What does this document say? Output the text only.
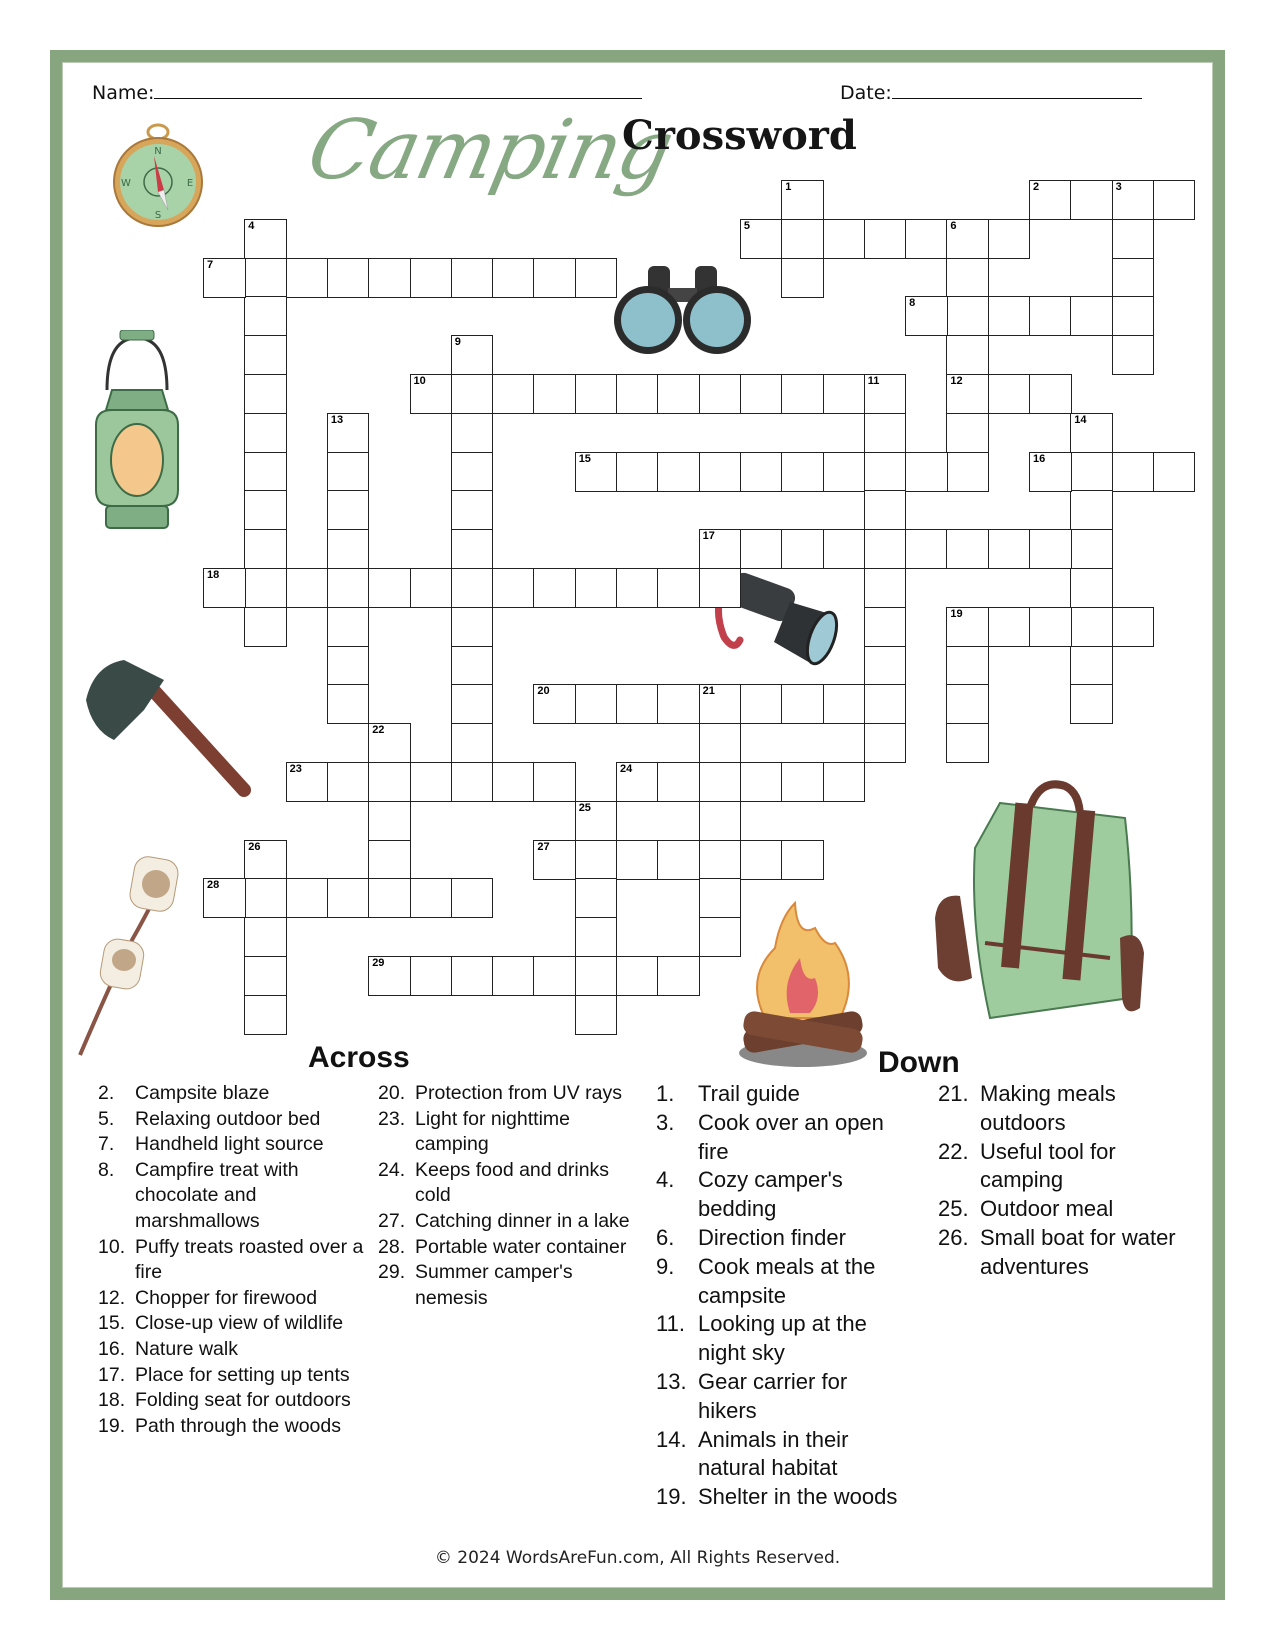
Name:	Date:
Camping
Crossword
N
S
E
W	1	2	3
4	5	6
12
7
8
9
10	11
13	14
15	16
17
18
19
20	21
22
23	24
25
26	27
28
29
Across	Down
2.	Campsite blaze
5.	Relaxing outdoor bed
7.	Handheld light source
8.	Campfire treat with chocolate and marshmallows
10. Puffy treats roasted over a fire
12. Chopper for firewood
15. Close-up view of wildlife
16. Nature walk
17. Place for setting up tents
18. Folding seat for outdoors
19. Path through the woods
20. Protection from UV rays
23. Light for nighttime camping
24. Keeps food and drinks cold
27. Catching dinner in a lake
28. Portable water container
29. Summer camper's nemesis
1.	Trail guide
3.	Cook over an open fire
4.	Cozy camper's bedding
6.	Direction finder
9.	Cook meals at the campsite
11. Looking up at the night sky
13. Gear carrier for hikers
14. Animals in their natural habitat
19. Shelter in the woods
21. Making meals outdoors
22. Useful tool for camping
25. Outdoor meal
26. Small boat for water adventures
© 2024 WordsAreFun.com, All Rights Reserved.
